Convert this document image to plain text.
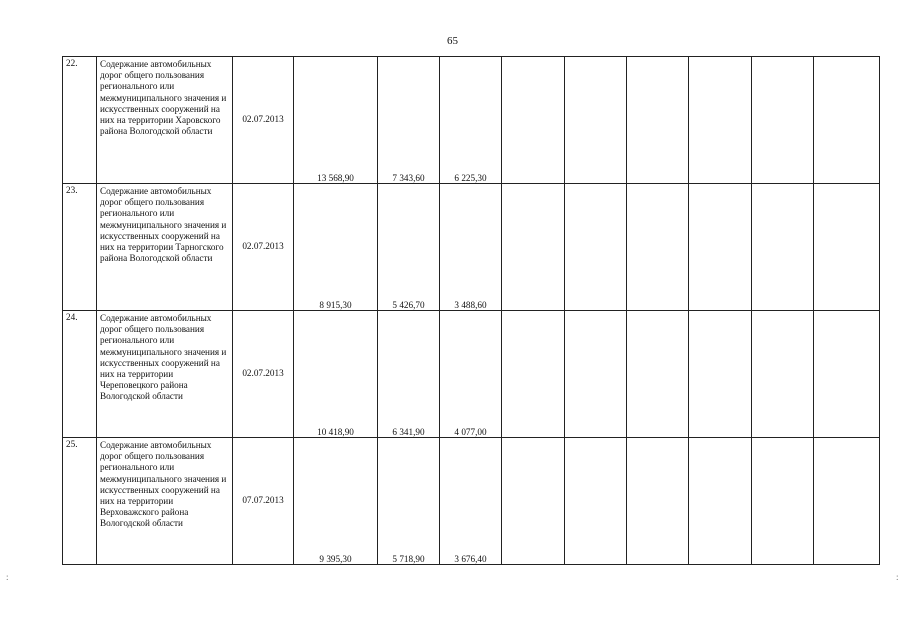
65
22.	Содержание автомобильных дорог общего пользования регионального или межмуниципального значения и искусственных сооружений на них на территории Харовского района Вологодской области	02.07.2013	13 568,90	7 343,60	6 225,30						

23.	Содержание автомобильных дорог общего пользования регионального или межмуниципального значения и искусственных сооружений на них на территории Тарногского района Вологодской области	02.07.2013	8 915,30	5 426,70	3 488,60						

24.	Содержание автомобильных дорог общего пользования регионального или межмуниципального значения и искусственных сооружений на них на территории Череповецкого района Вологодской области	02.07.2013	10 418,90	6 341,90	4 077,00						

25.	Содержание автомобильных дорог общего пользования регионального или межмуниципального значения и искусственных сооружений на них на территории Верховажского района Вологодской области	07.07.2013	9 395,30	5 718,90	3 676,40						

:	:
